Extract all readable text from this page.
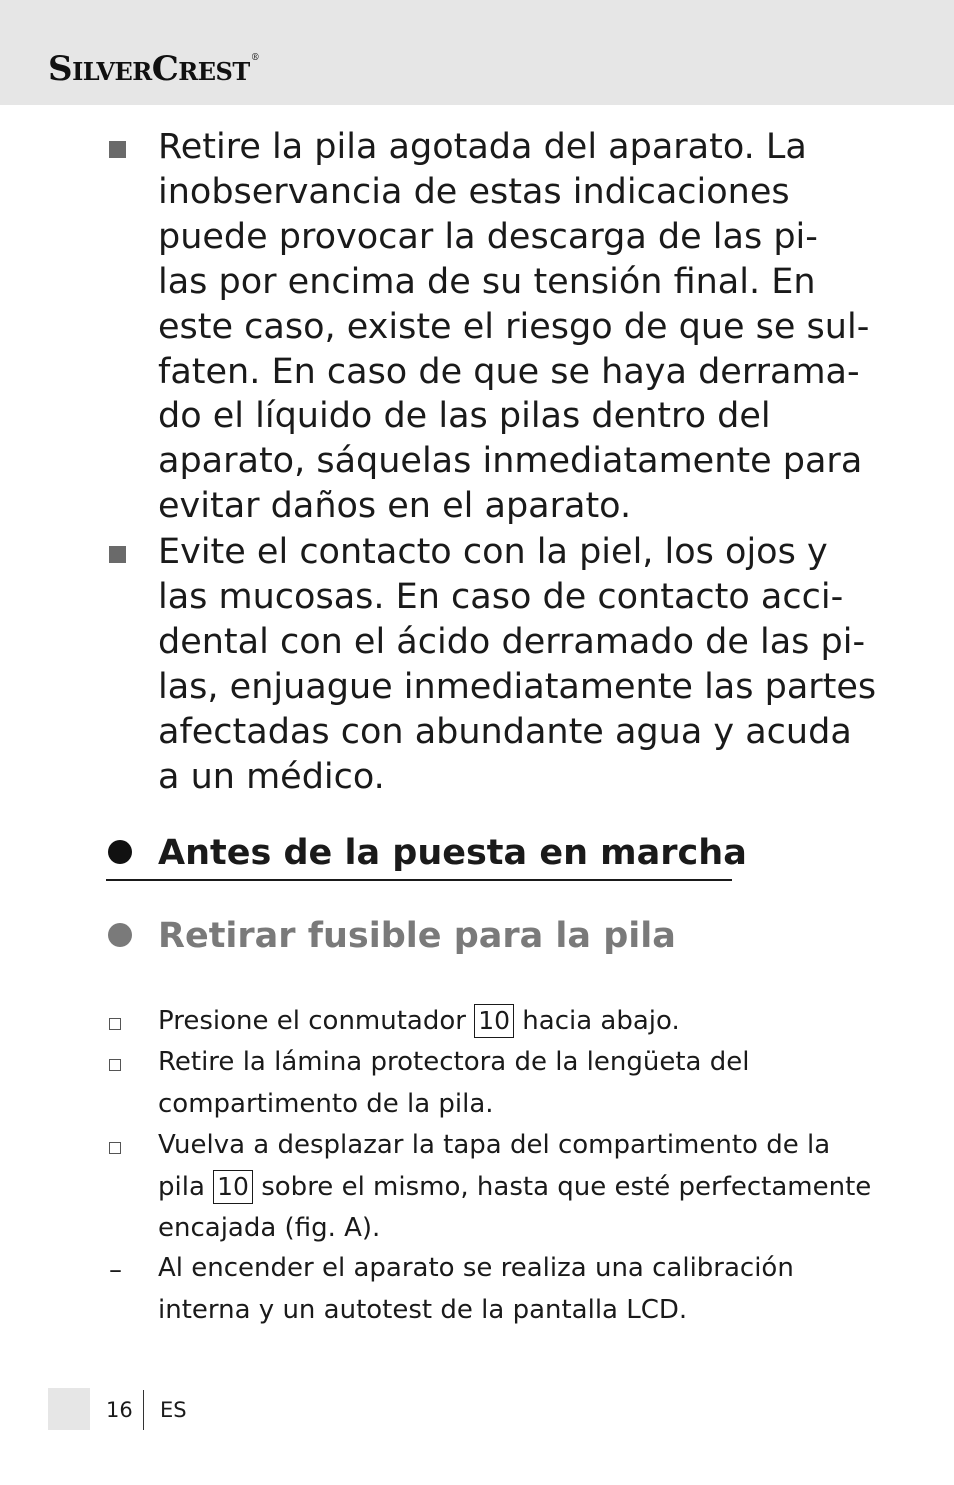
SILVERCREST®
Retire la pila agotada del aparato. La
inobservancia de estas indicaciones
puede provocar la descarga de las pi-
las por encima de su tensión final. En
este caso, existe el riesgo de que se sul-
faten. En caso de que se haya derrama-
do el líquido de las pilas dentro del
aparato, sáquelas inmediatamente para
evitar daños en el aparato.
Evite el contacto con la piel, los ojos y
las mucosas. En caso de contacto acci-
dental con el ácido derramado de las pi-
las, enjuague inmediatamente las partes
afectadas con abundante agua y acuda
a un médico.
Antes de la puesta en marcha
Retirar fusible para la pila
Presione el conmutador 10 hacia abajo.
Retire la lámina protectora de la lengüeta del
compartimento de la pila.
Vuelva a desplazar la tapa del compartimento de la
pila 10 sobre el mismo, hasta que esté perfectamente
encajada (fig. A).
– Al encender el aparato se realiza una calibración
interna y un autotest de la pantalla LCD.
16 ES
